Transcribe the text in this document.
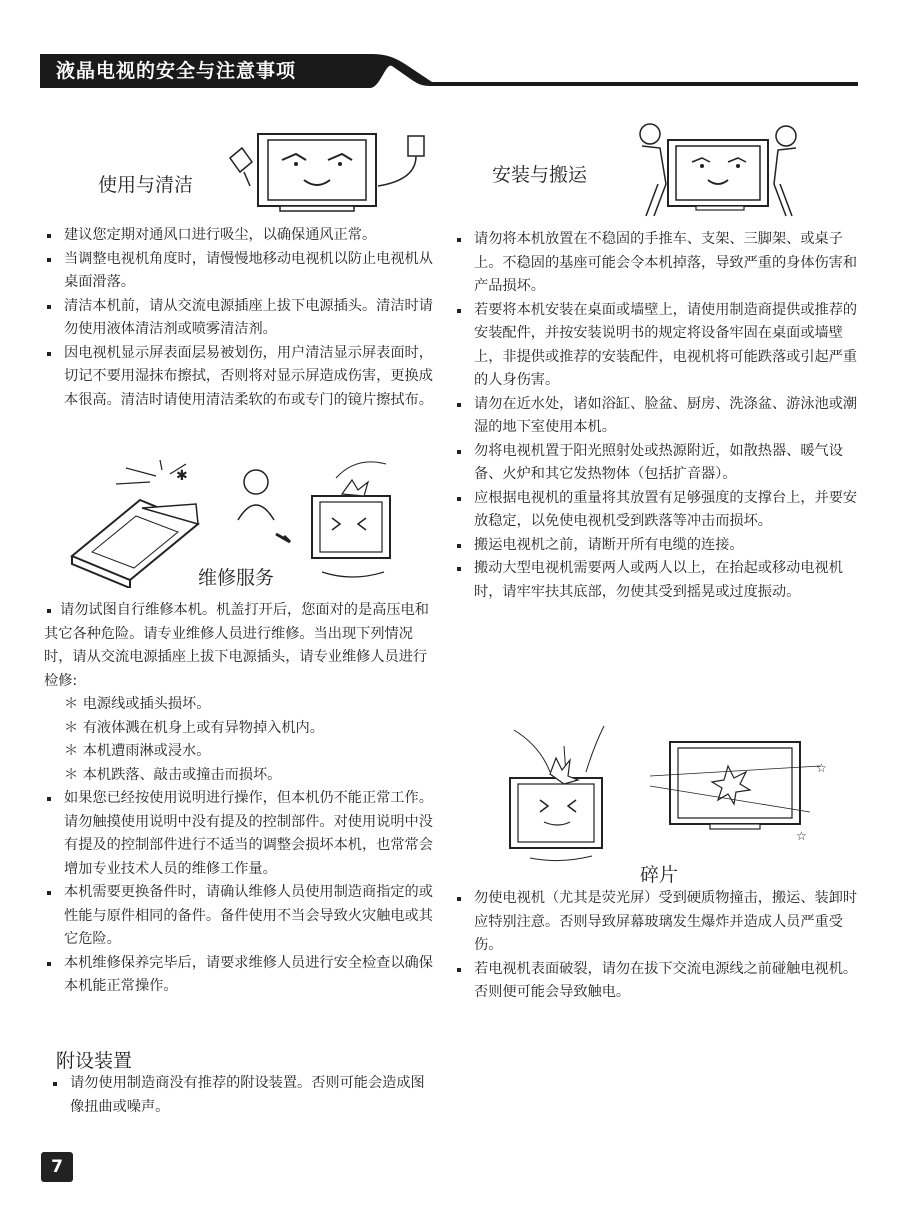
液晶电视的安全与注意事项
使用与清洁

建议您定期对通风口进行吸尘，以确保通风正常。

当调整电视机角度时，请慢慢地移动电视机以防止电视机从桌面滑落。

清洁本机前，请从交流电源插座上拔下电源插头。清洁时请勿使用液体清洁剂或喷雾清洁剂。

因电视机显示屏表面层易被划伤，用户清洁显示屏表面时，切记不要用湿抹布擦拭，否则将对显示屏造成伤害，更换成本很高。清洁时请使用清洁柔软的布或专门的镜片擦拭布。

✱
维修服务

请勿试图自行维修本机。机盖打开后，您面对的是高压电和其它各种危险。请专业维修人员进行维修。当出现下列情况时，请从交流电源插座上拔下电源插头，请专业维修人员进行检修:

＊ 电源线或插头损坏。

＊ 有液体溅在机身上或有异物掉入机内。

＊ 本机遭雨淋或浸水。

＊ 本机跌落、敲击或撞击而损坏。

如果您已经按使用说明进行操作，但本机仍不能正常工作。请勿触摸使用说明中没有提及的控制部件。对使用说明中没有提及的控制部件进行不适当的调整会损坏本机，也常常会增加专业技术人员的维修工作量。

本机需要更换备件时，请确认维修人员使用制造商指定的或性能与原件相同的备件。备件使用不当会导致火灾触电或其它危险。

本机维修保养完毕后，请要求维修人员进行安全检查以确保本机能正常操作。

附设装置

请勿使用制造商没有推荐的附设装置。否则可能会造成图像扭曲或噪声。

安装与搬运

请勿将本机放置在不稳固的手推车、支架、三脚架、或桌子上。不稳固的基座可能会令本机掉落，导致严重的身体伤害和产品损坏。

若要将本机安装在桌面或墙壁上，请使用制造商提供或推荐的安装配件，并按安装说明书的规定将设备牢固在桌面或墙壁上，非提供或推荐的安装配件，电视机将可能跌落或引起严重的人身伤害。

请勿在近水处，诸如浴缸、脸盆、厨房、洗涤盆、游泳池或潮湿的地下室使用本机。

勿将电视机置于阳光照射处或热源附近，如散热器、暖气设备、火炉和其它发热物体（包括扩音器）。

应根据电视机的重量将其放置有足够强度的支撑台上，并要安放稳定，以免使电视机受到跌落等冲击而损坏。

搬运电视机之前，请断开所有电缆的连接。

搬动大型电视机需要两人或两人以上，在抬起或移动电视机时，请牢牢扶其底部，勿使其受到摇晃或过度振动。

☆
☆
碎片

勿使电视机（尤其是荧光屏）受到硬质物撞击，搬运、装卸时应特别注意。否则导致屏幕玻璃发生爆炸并造成人员严重受伤。

若电视机表面破裂，请勿在拔下交流电源线之前碰触电视机。否则便可能会导致触电。

7
